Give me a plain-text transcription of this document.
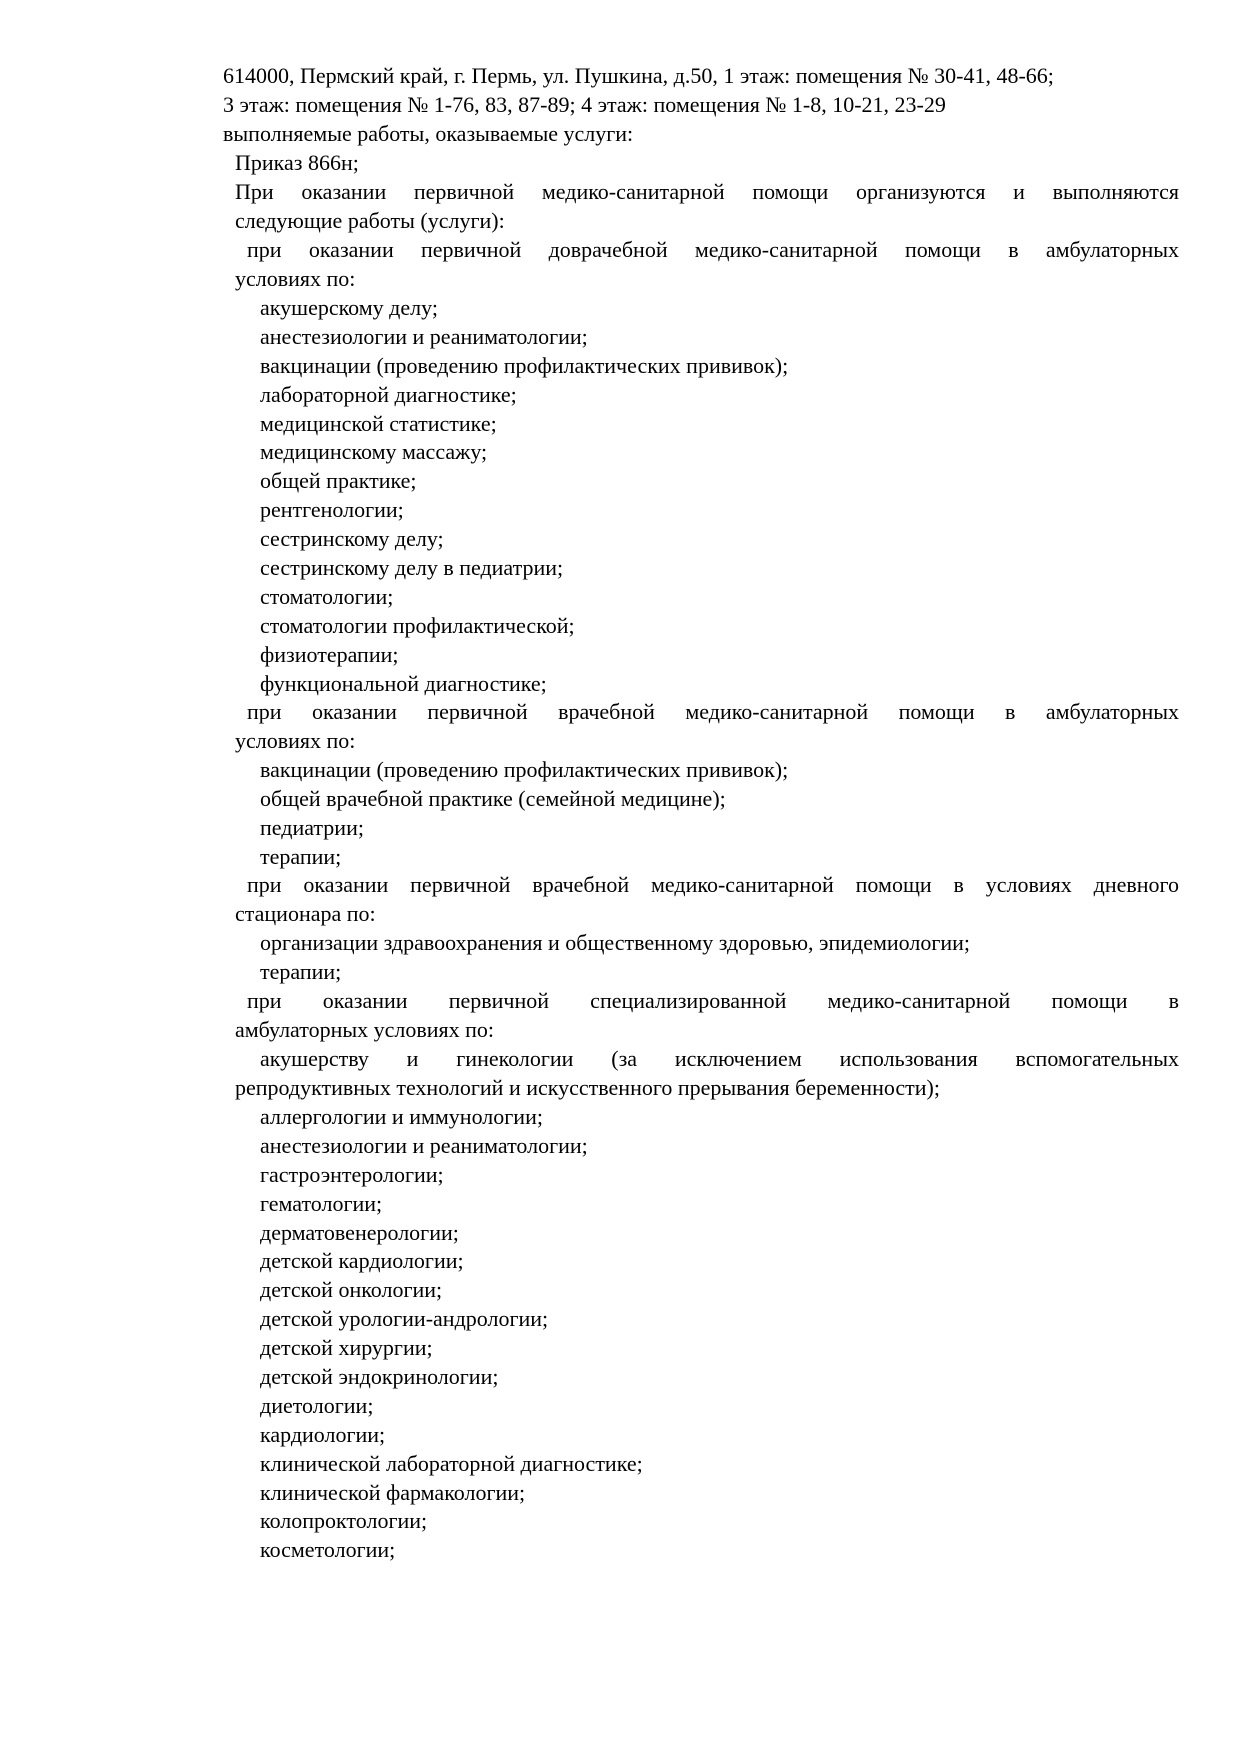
614000, Пермский край, г. Пермь, ул. Пушкина, д.50, 1 этаж: помещения № 30-41, 48-66;
3 этаж: помещения № 1-76, 83, 87-89; 4 этаж: помещения № 1-8, 10-21, 23-29
выполняемые работы, оказываемые услуги:
Приказ 866н;
При оказании первичной медико-санитарной помощи организуются и выполняются
следующие работы (услуги):
при оказании первичной доврачебной медико-санитарной помощи в амбулаторных
условиях по:
акушерскому делу;
анестезиологии и реаниматологии;
вакцинации (проведению профилактических прививок);
лабораторной диагностике;
медицинской статистике;
медицинскому массажу;
общей практике;
рентгенологии;
сестринскому делу;
сестринскому делу в педиатрии;
стоматологии;
стоматологии профилактической;
физиотерапии;
функциональной диагностике;
при оказании первичной врачебной медико-санитарной помощи в амбулаторных
условиях по:
вакцинации (проведению профилактических прививок);
общей врачебной практике (семейной медицине);
педиатрии;
терапии;
при оказании первичной врачебной медико-санитарной помощи в условиях дневного
стационара по:
организации здравоохранения и общественному здоровью, эпидемиологии;
терапии;
при оказании первичной специализированной медико-санитарной помощи в
амбулаторных условиях по:
акушерству и гинекологии (за исключением использования вспомогательных
репродуктивных технологий и искусственного прерывания беременности);
аллергологии и иммунологии;
анестезиологии и реаниматологии;
гастроэнтерологии;
гематологии;
дерматовенерологии;
детской кардиологии;
детской онкологии;
детской урологии-андрологии;
детской хирургии;
детской эндокринологии;
диетологии;
кардиологии;
клинической лабораторной диагностике;
клинической фармакологии;
колопроктологии;
косметологии;
